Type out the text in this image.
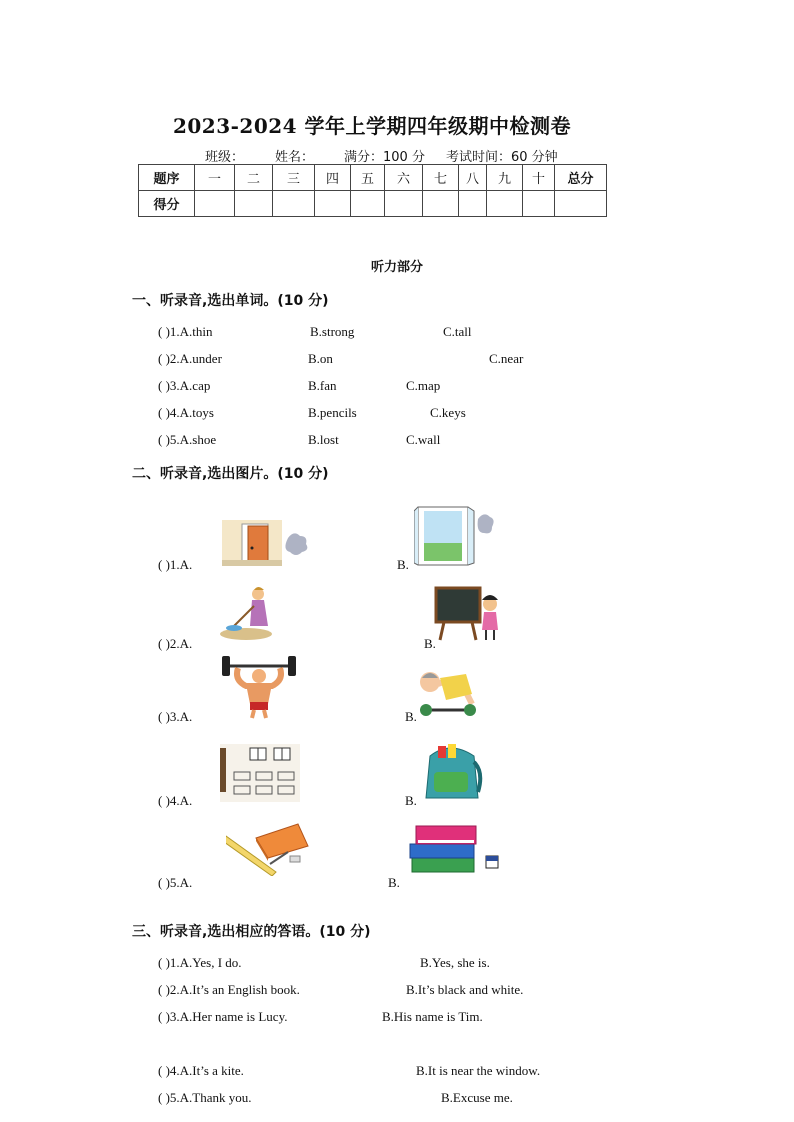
2023-2024 学年上学期四年级期中检测卷
班级： 姓名： 满分：100 分 考试时间：60 分钟
题序	一	二	三	四	五	六	七	八	九	十	总分
得分											
听力部分
一、听录音,选出单词。(10 分)
( )1.A.thin	B.strong	C.tall
( )2.A.under	B.on	C.near
( )3.A.cap	B.fan	C.map
( )4.A.toys	B.pencils	C.keys
( )5.A.shoe	B.lost	C.wall
二、听录音,选出图片。(10 分)
( )1.A.	B.
( )2.A.	B.
( )3.A.	B.
( )4.A.	B.
( )5.A.	B.
三、听录音,选出相应的答语。(10 分)
( )1.A.Yes, I do.	B.Yes, she is.
( )2.A.It’s an English book.	B.It’s black and white.
( )3.A.Her name is Lucy.	B.His name is Tim.
( )4.A.It’s a kite.	B.It is near the window.
( )5.A.Thank you.	B.Excuse me.
